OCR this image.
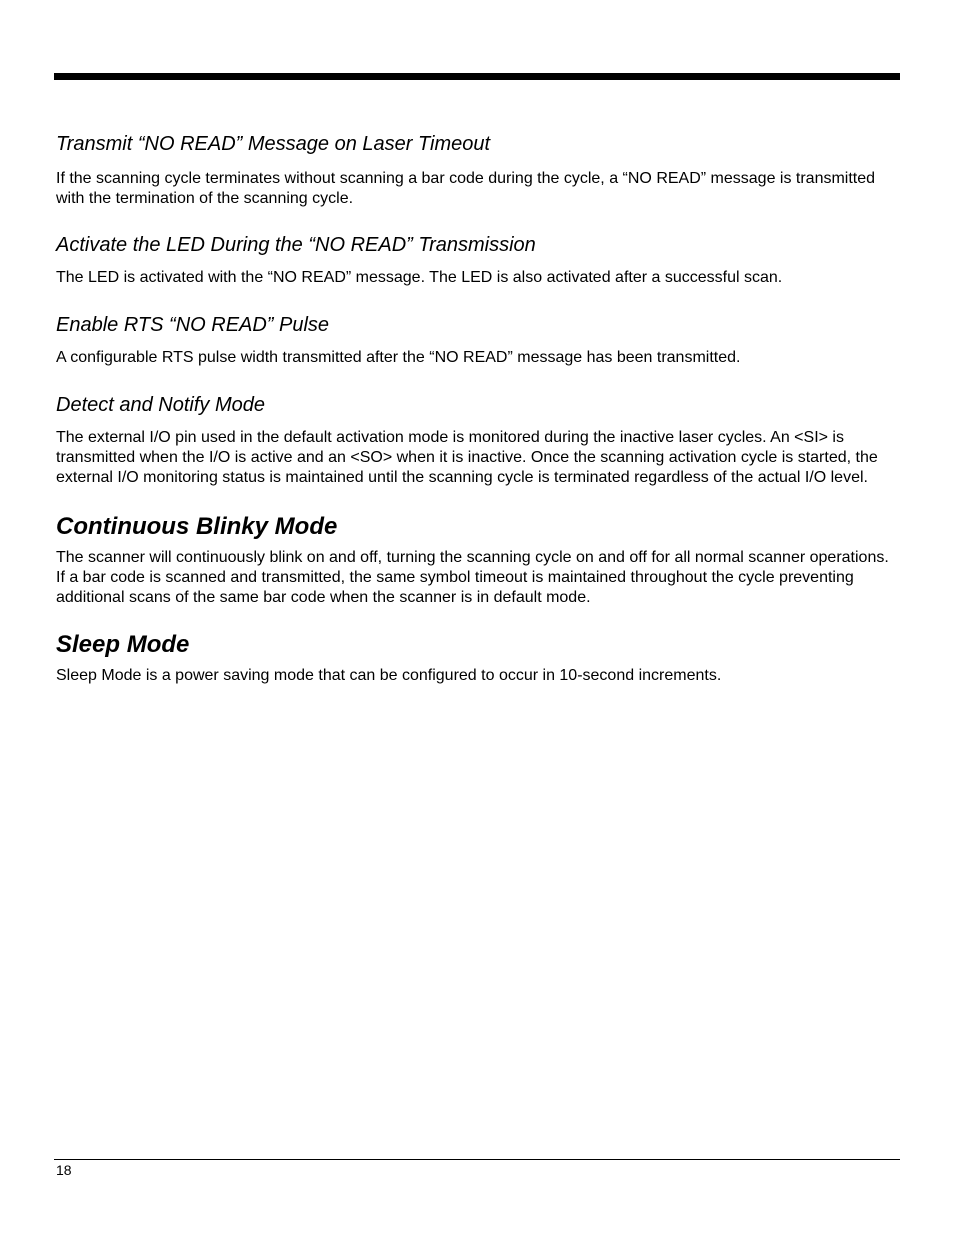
Transmit “NO READ” Message on Laser Timeout

If the scanning cycle terminates without scanning a bar code during the cycle, a “NO READ” message is transmitted with the termination of the scanning cycle.

Activate the LED During the “NO READ” Transmission

The LED is activated with the “NO READ” message. The LED is also activated after a successful scan.

Enable RTS “NO READ” Pulse

A configurable RTS pulse width transmitted after the “NO READ” message has been transmitted.

Detect and Notify Mode

The external I/O pin used in the default activation mode is monitored during the inactive laser cycles. An <SI> is transmitted when the I/O is active and an <SO> when it is inactive. Once the scanning activation cycle is started, the external I/O monitoring status is maintained until the scanning cycle is terminated regardless of the actual I/O level.

Continuous Blinky Mode

The scanner will continuously blink on and off, turning the scanning cycle on and off for all normal scanner operations. If a bar code is scanned and transmitted, the same symbol timeout is maintained throughout the cycle preventing additional scans of the same bar code when the scanner is in default mode.

Sleep Mode

Sleep Mode is a power saving mode that can be configured to occur in 10-second increments.

18
